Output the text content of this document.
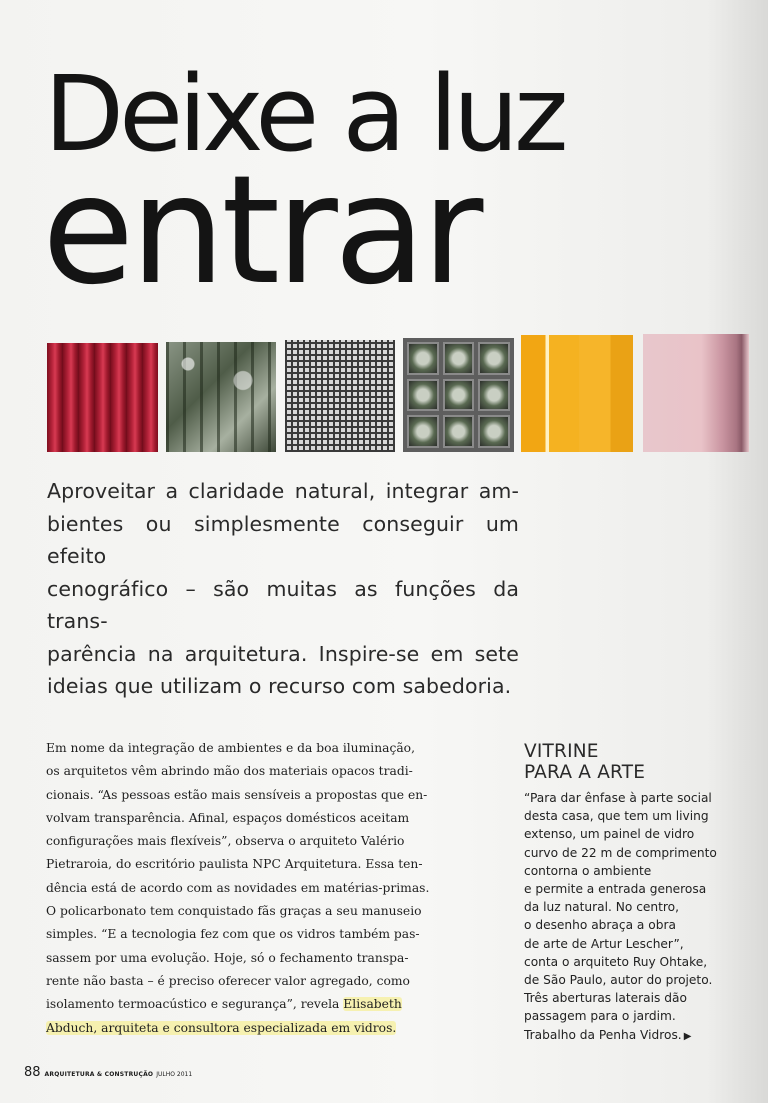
Deixe a luz
entrar

Aproveitar a claridade natural, integrar am-
bientes ou simplesmente conseguir um efeito
cenográfico – são muitas as funções da trans-
parência na arquitetura. Inspire-se em sete
ideias que utilizam o recurso com sabedoria.

Em nome da integração de ambientes e da boa iluminação,
os arquitetos vêm abrindo mão dos materiais opacos tradi-
cionais. “As pessoas estão mais sensíveis a propostas que en-
volvam transparência. Afinal, espaços domésticos aceitam
configurações mais flexíveis”, observa o arquiteto Valério
Pietraroia, do escritório paulista NPC Arquitetura. Essa ten-
dência está de acordo com as novidades em matérias-primas.
O policarbonato tem conquistado fãs graças a seu manuseio
simples. “E a tecnologia fez com que os vidros também pas-
sassem por uma evolução. Hoje, só o fechamento transpa-
rente não basta – é preciso oferecer valor agregado, como
isolamento termoacústico e segurança”, revela Elisabeth
Abduch, arquiteta e consultora especializada em vidros.

VITRINE
PARA A ARTE

“Para dar ênfase à parte social
desta casa, que tem um living
extenso, um painel de vidro
curvo de 22 m de comprimento
contorna o ambiente
e permite a entrada generosa
da luz natural. No centro,
o desenho abraça a obra
de arte de Artur Lescher”,
conta o arquiteto Ruy Ohtake,
de São Paulo, autor do projeto.
Três aberturas laterais dão
passagem para o jardim.
Trabalho da Penha Vidros. ▶

88 ARQUITETURA & CONSTRUÇÃO JULHO 2011
